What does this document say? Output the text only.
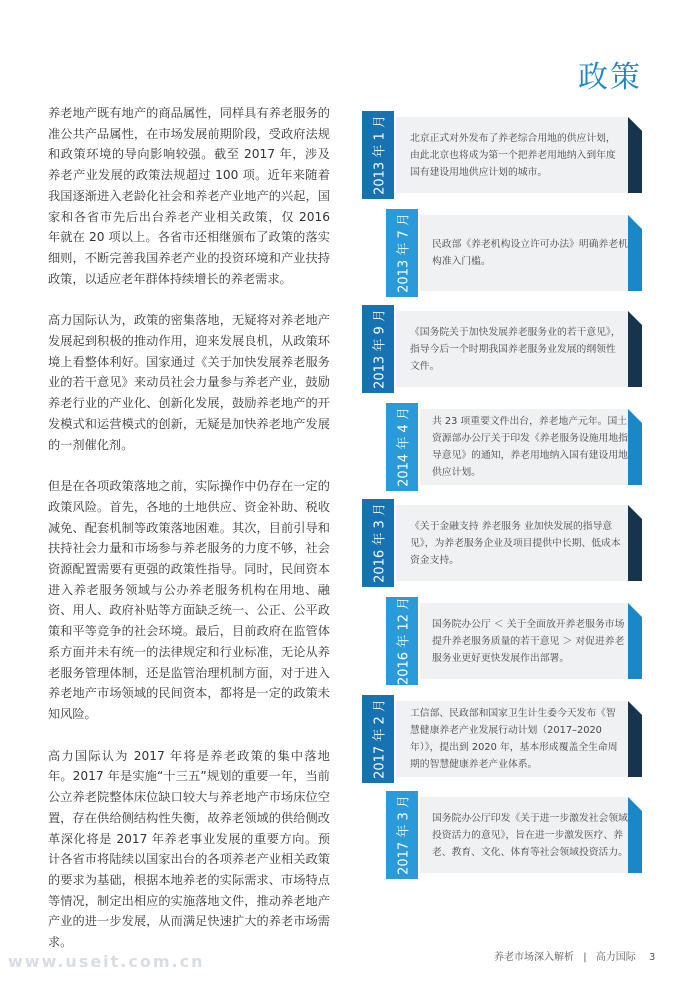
政策

养老地产既有地产的商品属性，同样具有养老服务的准公共产品属性，在市场发展前期阶段，受政府法规和政策环境的导向影响较强。截至 2017 年，涉及养老产业发展的政策法规超过 100 项。近年来随着我国逐渐进入老龄化社会和养老产业地产的兴起，国家和各省市先后出台养老产业相关政策，仅 2016 年就在 20 项以上。各省市还相继颁布了政策的落实细则，不断完善我国养老产业的投资环境和产业扶持政策，以适应老年群体持续增长的养老需求。

高力国际认为，政策的密集落地，无疑将对养老地产发展起到积极的推动作用，迎来发展良机，从政策环境上看整体利好。国家通过《关于加快发展养老服务业的若干意见》来动员社会力量参与养老产业，鼓励养老行业的产业化、创新化发展，鼓励养老地产的开发模式和运营模式的创新，无疑是加快养老地产发展的一剂催化剂。

但是在各项政策落地之前，实际操作中仍存在一定的政策风险。首先，各地的土地供应、资金补助、税收减免、配套机制等政策落地困难。其次，目前引导和扶持社会力量和市场参与养老服务的力度不够，社会资源配置需要有更强的政策性指导。同时，民间资本进入养老服务领域与公办养老服务机构在用地、融资、用人、政府补贴等方面缺乏统一、公正、公平政策和平等竞争的社会环境。最后，目前政府在监管体系方面并未有统一的法律规定和行业标准，无论从养老服务管理体制，还是监管治理机制方面，对于进入养老地产市场领域的民间资本，都将是一定的政策未知风险。

高力国际认为 2017 年将是养老政策的集中落地年。2017 年是实施“十三五”规划的重要一年，当前公立养老院整体床位缺口较大与养老地产市场床位空置，存在供给侧结构性失衡，故养老领域的供给侧改革深化将是 2017 年养老事业发展的重要方向。预计各省市将陆续以国家出台的各项养老产业相关政策的要求为基础，根据本地养老的实际需求、市场特点等情况，制定出相应的实施落地文件，推动养老地产产业的进一步发展，从而满足快速扩大的养老市场需求。

2013 年 1 月 北京正式对外发布了养老综合用地的供应计划，由此北京也将成为第一个把养老用地纳入到年度国有建设用地供应计划的城市。
2013 年 7 月 民政部《养老机构设立许可办法》明确养老机构准入门槛。
2013 年 9 月 《国务院关于加快发展养老服务业的若干意见》，指导今后一个时期我国养老服务业发展的纲领性文件。
2014 年 4 月 共 23 项重要文件出台，养老地产元年。国土资源部办公厅关于印发《养老服务设施用地指导意见》的通知，养老用地纳入国有建设用地供应计划。
2016 年 3 月 《关于金融支持 养老服务 业加快发展的指导意见》，为养老服务企业及项目提供中长期、低成本资金支持。
2016 年 12 月 国务院办公厅 ＜ 关于全面放开养老服务市场提升养老服务质量的若干意见 ＞ 对促进养老服务业更好更快发展作出部署。
2017 年 2 月 工信部、民政部和国家卫生计生委今天发布《智慧健康养老产业发展行动计划（2017–2020 年）》，提出到 2020 年，基本形成覆盖全生命周期的智慧健康养老产业体系。
2017 年 3 月 国务院办公厅印发《关于进一步激发社会领域投资活力的意见》，旨在进一步激发医疗、养老、教育、文化、体育等社会领域投资活力。
www.useit.com.cn	养老市场深入解析 | 高力国际 3
